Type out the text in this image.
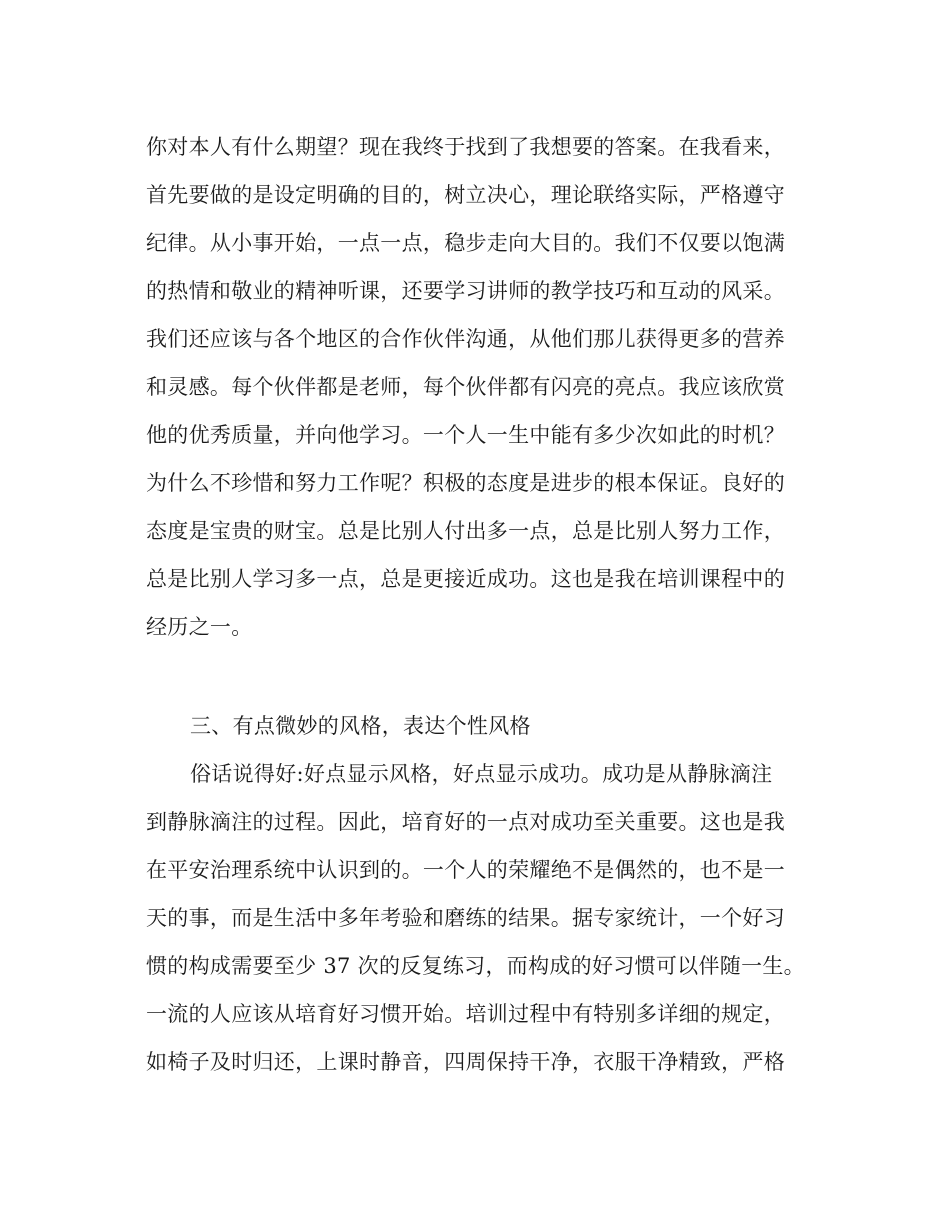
你对本人有什么期望？现在我终于找到了我想要的答案。在我看来，
首先要做的是设定明确的目的，树立决心，理论联络实际，严格遵守
纪律。从小事开始，一点一点，稳步走向大目的。我们不仅要以饱满
的热情和敬业的精神听课，还要学习讲师的教学技巧和互动的风采。
我们还应该与各个地区的合作伙伴沟通，从他们那儿获得更多的营养
和灵感。每个伙伴都是老师，每个伙伴都有闪亮的亮点。我应该欣赏
他的优秀质量，并向他学习。一个人一生中能有多少次如此的时机？
为什么不珍惜和努力工作呢？积极的态度是进步的根本保证。良好的
态度是宝贵的财宝。总是比别人付出多一点，总是比别人努力工作，
总是比别人学习多一点，总是更接近成功。这也是我在培训课程中的
经历之一。
三、有点微妙的风格，表达个性风格
俗话说得好:好点显示风格，好点显示成功。成功是从静脉滴注
到静脉滴注的过程。因此，培育好的一点对成功至关重要。这也是我
在平安治理系统中认识到的。一个人的荣耀绝不是偶然的，也不是一
天的事，而是生活中多年考验和磨练的结果。据专家统计，一个好习
惯的构成需要至少 37 次的反复练习，而构成的好习惯可以伴随一生。
一流的人应该从培育好习惯开始。培训过程中有特别多详细的规定，
如椅子及时归还，上课时静音，四周保持干净，衣服干净精致，严格
